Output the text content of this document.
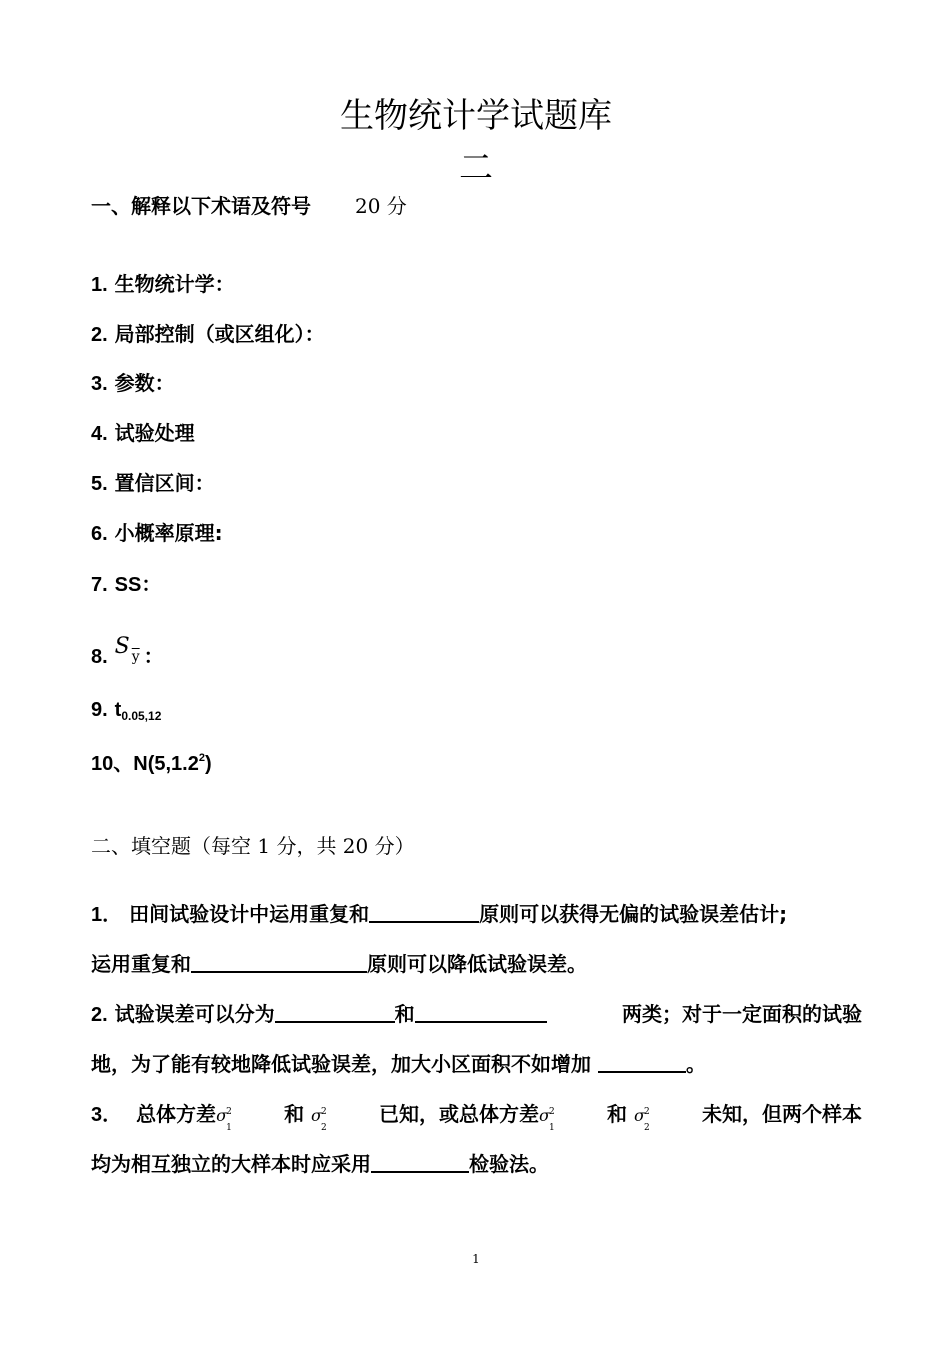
生物统计学试题库
二
一、解释以下术语及符号 20 分
1. 生物统计学：
2. 局部控制（或区组化）：
3. 参数：
4. 试验处理
5. 置信区间：
6. 小概率原理:
7. SS：
8. S $\overline{y}$ ：
9. $t_{0.05,12}$
10、N(5,1.2$^2$)
二、填空题（每空 1 分，共 20 分）
1． 田间试验设计中运用重复和	原则可以获得无偏的试验误差估计;
运用重复和	原则可以降低试验误差。
2. 试验误差可以分为	和	两类；对于一定面积的试验
地，为了能有较地降低试验误差，加大小区面积不如增加	。
3． 总体方差σ 2
1
和 σ 2
2
已知，或总体方差σ 2
1
和 σ 2
2
未知，但两个样本
均为相互独立的大样本时应采用	检验法。
1
